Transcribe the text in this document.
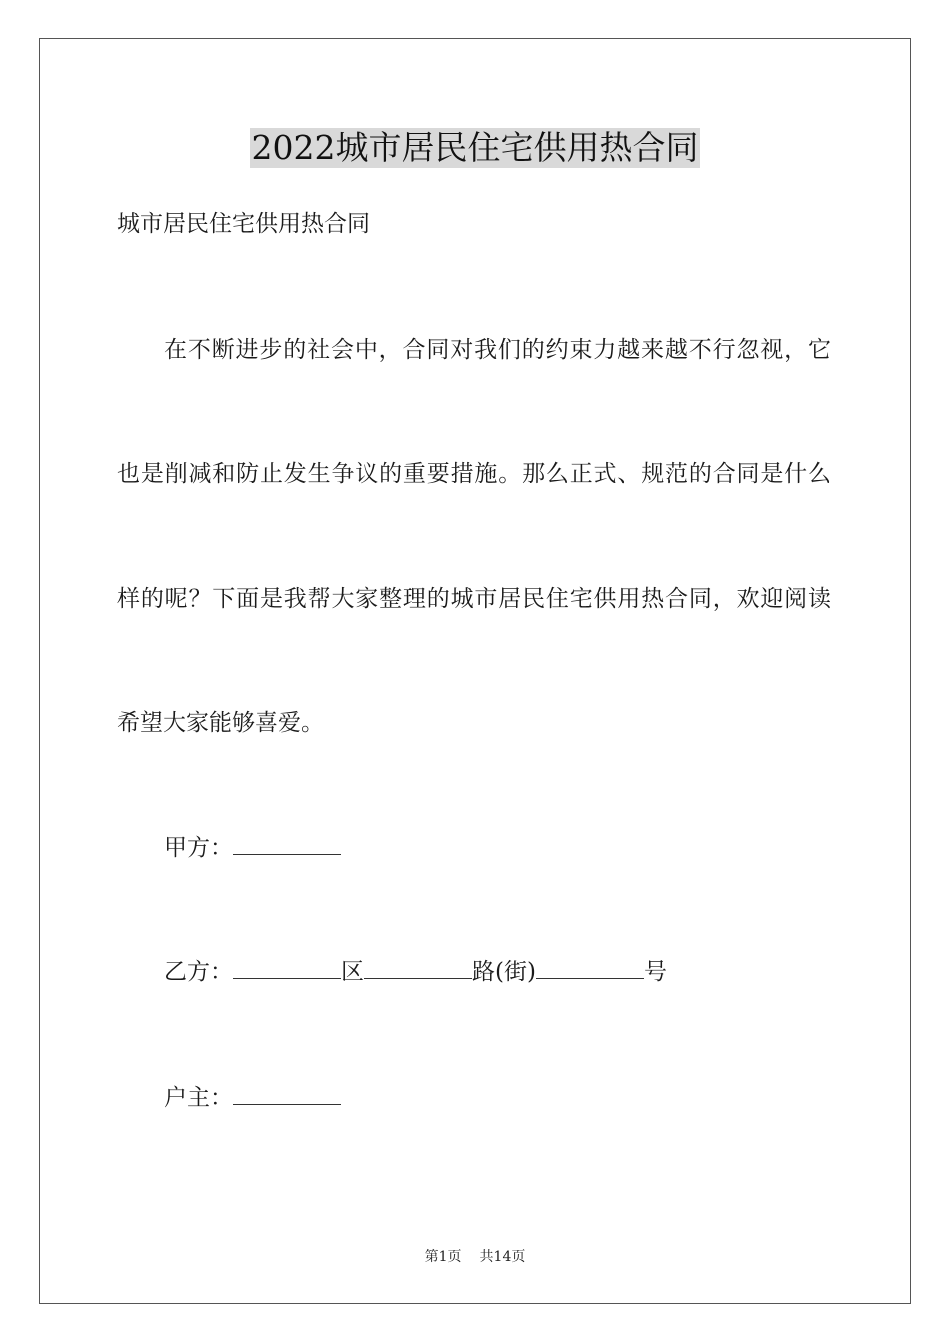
2022城市居民住宅供用热合同
城市居民住宅供用热合同
在不断进步的社会中，合同对我们的约束力越来越不行忽视，它
也是削减和防止发生争议的重要措施。那么正式、规范的合同是什么
样的呢？下面是我帮大家整理的城市居民住宅供用热合同，欢迎阅读
希望大家能够喜爱。
甲方：
乙方：	区	路(街)	号
户主：
第1页 共14页
